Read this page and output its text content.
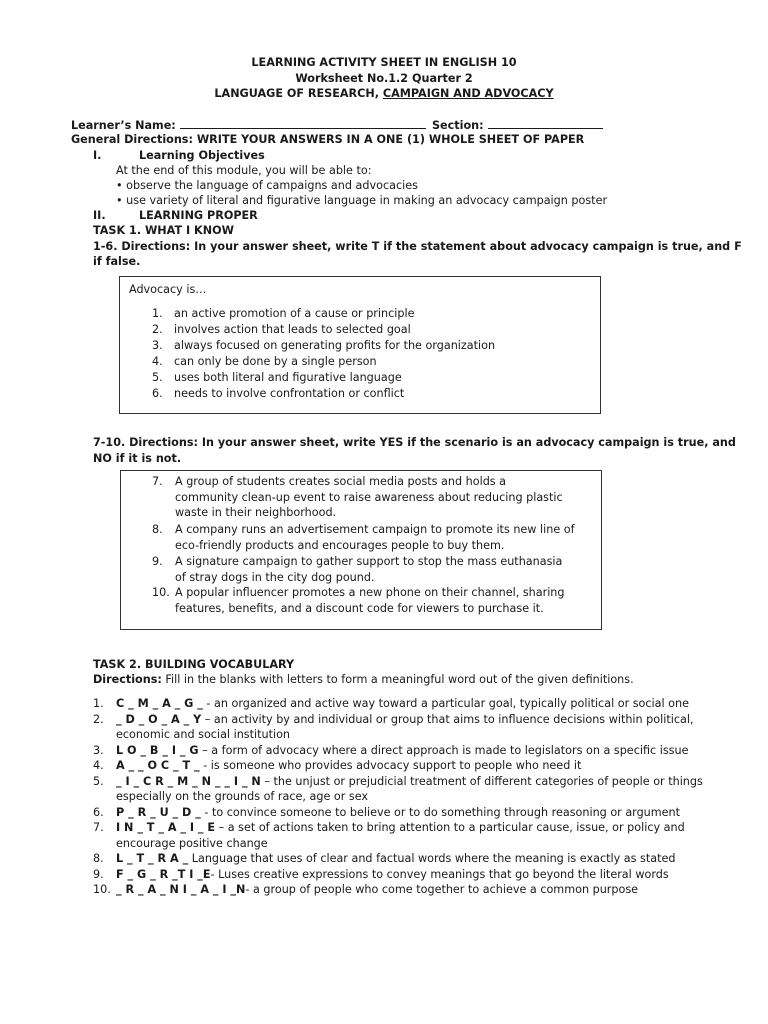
LEARNING ACTIVITY SHEET IN ENGLISH 10
Worksheet No.1.2 Quarter 2
LANGUAGE OF RESEARCH, CAMPAIGN AND ADVOCACY
Learner’s Name:	Section:
General Directions: WRITE YOUR ANSWERS IN A ONE (1) WHOLE SHEET OF PAPER
I.	Learning Objectives
At the end of this module, you will be able to:
• observe the language of campaigns and advocacies
• use variety of literal and figurative language in making an advocacy campaign poster
II.	LEARNING PROPER
TASK 1. WHAT I KNOW
1-6. Directions: In your answer sheet, write T if the statement about advocacy campaign is true, and F
if false.
Advocacy is…
1. an active promotion of a cause or principle
2. involves action that leads to selected goal
3. always focused on generating profits for the organization
4. can only be done by a single person
5. uses both literal and figurative language
6. needs to involve confrontation or conflict
7-10. Directions: In your answer sheet, write YES if the scenario is an advocacy campaign is true, and
NO if it is not.
7. A group of students creates social media posts and holds a
community clean-up event to raise awareness about reducing plastic
waste in their neighborhood.
8. A company runs an advertisement campaign to promote its new line of
eco-friendly products and encourages people to buy them.
9. A signature campaign to gather support to stop the mass euthanasia
of stray dogs in the city dog pound.
10. A popular influencer promotes a new phone on their channel, sharing
features, benefits, and a discount code for viewers to purchase it.
TASK 2. BUILDING VOCABULARY
Directions: Fill in the blanks with letters to form a meaningful word out of the given definitions.
1. C _ M _ A _ G _ - an organized and active way toward a particular goal, typically political or social one
2. _ D _ O _ A _ Y – an activity by and individual or group that aims to influence decisions within political,
economic and social institution
3. L O _ B _ I _ G – a form of advocacy where a direct approach is made to legislators on a specific issue
4. A _ _ O C _ T _ - is someone who provides advocacy support to people who need it
5. _ I _ C R _ M _ N _ _ I _ N – the unjust or prejudicial treatment of different categories of people or things
especially on the grounds of race, age or sex
6. P _ R _ U _ D _ - to convince someone to believe or to do something through reasoning or argument
7. I N _ T _ A _ I _ E – a set of actions taken to bring attention to a particular cause, issue, or policy and
encourage positive change
8. L _ T _ R A _ Language that uses of clear and factual words where the meaning is exactly as stated
9. F _ G _ R _T I _E- Luses creative expressions to convey meanings that go beyond the literal words
10. _ R _ A _ N I _ A _ I _N- a group of people who come together to achieve a common purpose
